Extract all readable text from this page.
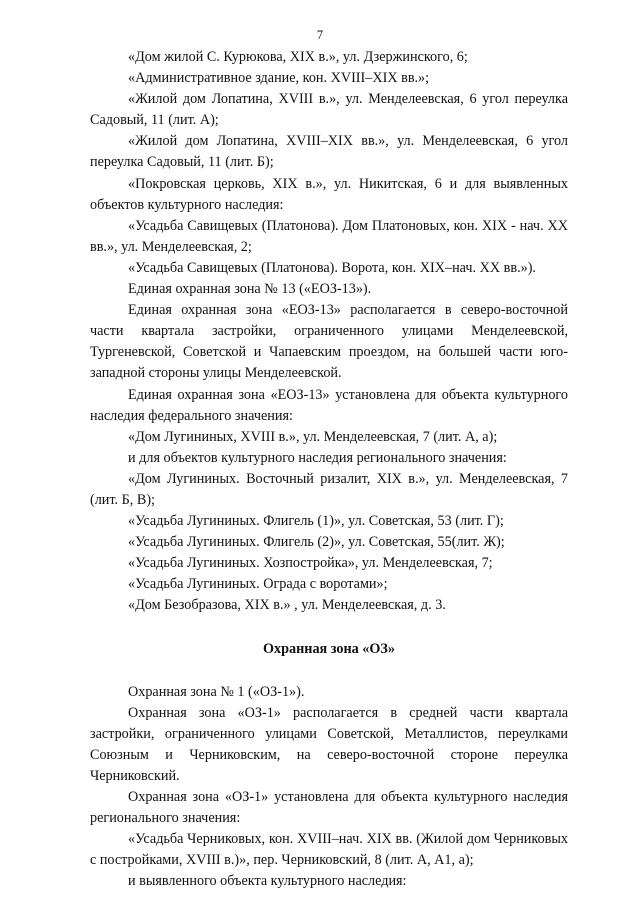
7

«Дом жилой С. Курюкова, XIX в.», ул. Дзержинского, 6;

«Административное здание, кон. XVIII–XIX вв.»;

«Жилой дом Лопатина, XVIII в.», ул. Менделеевская, 6 угол переулка Садовый, 11 (лит. А);

«Жилой дом Лопатина, XVIII–XIX вв.», ул. Менделеевская, 6 угол переулка Садовый, 11 (лит. Б);

«Покровская церковь, XIX в.», ул. Никитская, 6 и для выявленных объектов культурного наследия:

«Усадьба Савищевых (Платонова). Дом Платоновых, кон. XIX - нач. XX вв.», ул. Менделеевская, 2;

«Усадьба Савищевых (Платонова). Ворота, кон. XIX–нач. XX вв.»).

Единая охранная зона № 13 («ЕОЗ-13»).

Единая охранная зона «ЕОЗ-13» располагается в северо-восточной части квартала застройки, ограниченного улицами Менделеевской, Тургеневской, Советской и Чапаевским проездом, на большей части юго-западной стороны улицы Менделеевской.

Единая охранная зона «ЕОЗ-13» установлена для объекта культурного наследия федерального значения:

«Дом Лугининых, XVIII в.», ул. Менделеевская, 7 (лит. А, а);

и для объектов культурного наследия регионального значения:

«Дом Лугининых. Восточный ризалит, XIX в.», ул. Менделеевская, 7 (лит. Б, В);

«Усадьба Лугининых. Флигель (1)», ул. Советская, 53 (лит. Г);

«Усадьба Лугининых. Флигель (2)», ул. Советская, 55(лит. Ж);

«Усадьба Лугининых. Хозпостройка», ул. Менделеевская, 7;

«Усадьба Лугининых. Ограда с воротами»;

«Дом Безобразова, XIX в.» , ул. Менделеевская, д. 3.

Охранная зона «ОЗ»

Охранная зона № 1 («ОЗ-1»).

Охранная зона «ОЗ-1» располагается в средней части квартала застройки, ограниченного улицами Советской, Металлистов, переулками Союзным и Черниковским, на северо-восточной стороне переулка Черниковский.

Охранная зона «ОЗ-1» установлена для объекта культурного наследия регионального значения:

«Усадьба Черниковых, кон. XVIII–нач. XIX вв. (Жилой дом Черниковых с постройками, XVIII в.)», пер. Черниковский, 8 (лит. А, А1, а);

и выявленного объекта культурного наследия:
